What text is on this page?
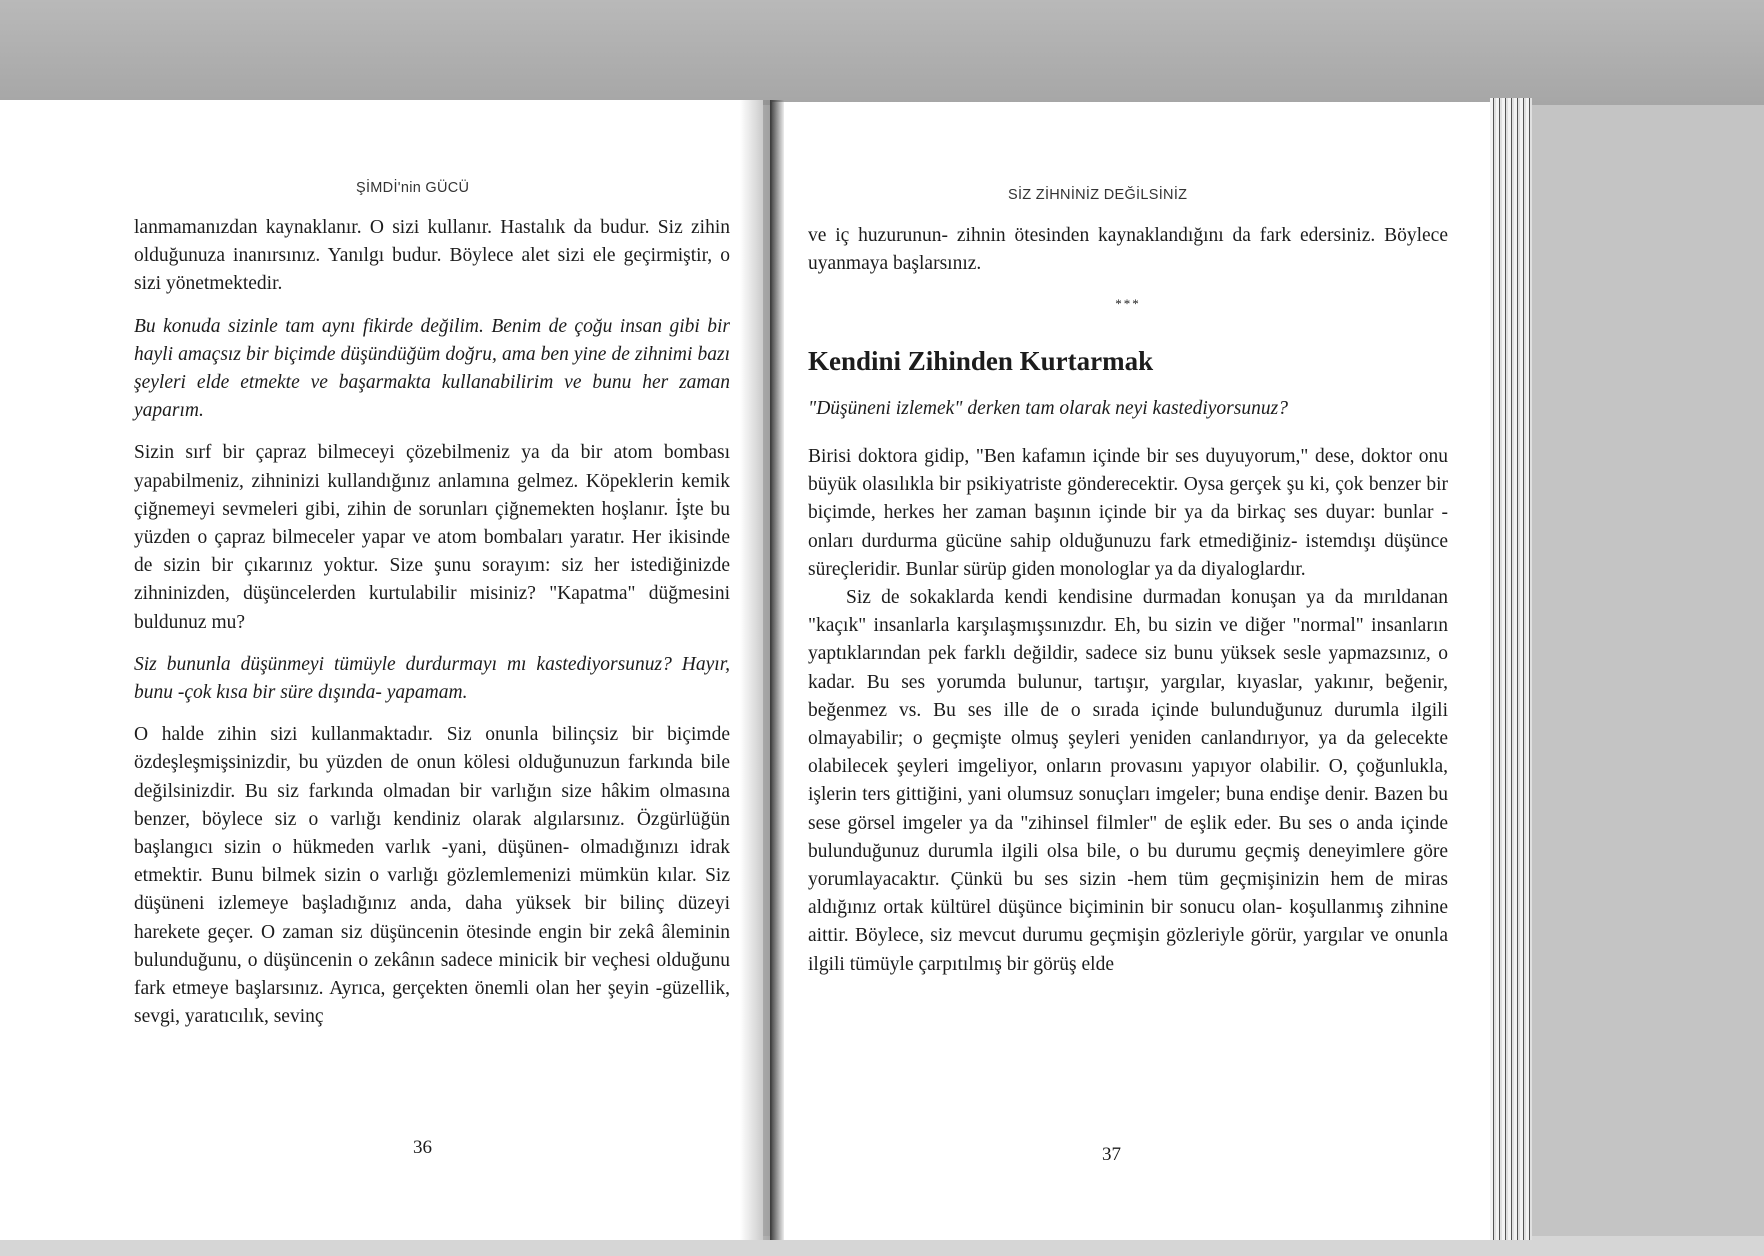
ŞİMDİ'nin GÜCÜ

lanmamanızdan kaynaklanır. O sizi kullanır. Hastalık da budur. Siz zihin olduğunuza inanırsınız. Yanılgı budur. Böylece alet sizi ele geçirmiştir, o sizi yönetmektedir.

Bu konuda sizinle tam aynı fikirde değilim. Benim de çoğu insan gibi bir hayli amaçsız bir biçimde düşündüğüm doğru, ama ben yine de zihnimi bazı şeyleri elde etmekte ve başarmakta kullanabilirim ve bunu her zaman yaparım.

Sizin sırf bir çapraz bilmeceyi çözebilmeniz ya da bir atom bombası yapabilmeniz, zihninizi kullandığınız anlamına gelmez. Köpeklerin kemik çiğnemeyi sevmeleri gibi, zihin de sorunları çiğnemekten hoşlanır. İşte bu yüzden o çapraz bilmeceler yapar ve atom bombaları yaratır. Her ikisinde de sizin bir çıkarınız yoktur. Size şunu sorayım: siz her istediğinizde zihninizden, düşüncelerden kurtulabilir misiniz? "Kapatma" düğmesini buldunuz mu?

Siz bununla düşünmeyi tümüyle durdurmayı mı kastediyorsunuz? Hayır, bunu -çok kısa bir süre dışında- yapamam.

O halde zihin sizi kullanmaktadır. Siz onunla bilinçsiz bir biçimde özdeşleşmişsinizdir, bu yüzden de onun kölesi olduğunuzun farkında bile değilsinizdir. Bu siz farkında olmadan bir varlığın size hâkim olmasına benzer, böylece siz o varlığı kendiniz olarak algılarsınız. Özgürlüğün başlangıcı sizin o hükmeden varlık -yani, düşünen- olmadığınızı idrak etmektir. Bunu bilmek sizin o varlığı gözlemlemenizi mümkün kılar. Siz düşüneni izlemeye başladığınız anda, daha yüksek bir bilinç düzeyi harekete geçer. O zaman siz düşüncenin ötesinde engin bir zekâ âleminin bulunduğunu, o düşüncenin o zekânın sadece minicik bir veçhesi olduğunu fark etmeye başlarsınız. Ayrıca, gerçekten önemli olan her şeyin -güzellik, sevgi, yaratıcılık, sevinç

36
SİZ ZİHNİNİZ DEĞİLSİNİZ

ve iç huzurunun- zihnin ötesinden kaynaklandığını da fark edersiniz. Böylece uyanmaya başlarsınız.

***
Kendini Zihinden Kurtarmak

"Düşüneni izlemek" derken tam olarak neyi kastediyorsunuz?

Birisi doktora gidip, "Ben kafamın içinde bir ses duyuyorum," dese, doktor onu büyük olasılıkla bir psikiyatriste gönderecektir. Oysa gerçek şu ki, çok benzer bir biçimde, herkes her zaman başının içinde bir ya da birkaç ses duyar: bunlar -onları durdurma gücüne sahip olduğunuzu fark etmediğiniz- istemdışı düşünce süreçleridir. Bunlar sürüp giden monologlar ya da diyaloglardır.

Siz de sokaklarda kendi kendisine durmadan konuşan ya da mırıldanan "kaçık" insanlarla karşılaşmışsınızdır. Eh, bu sizin ve diğer "normal" insanların yaptıklarından pek farklı değildir, sadece siz bunu yüksek sesle yapmazsınız, o kadar. Bu ses yorumda bulunur, tartışır, yargılar, kıyaslar, yakınır, beğenir, beğenmez vs. Bu ses ille de o sırada içinde bulunduğunuz durumla ilgili olmayabilir; o geçmişte olmuş şeyleri yeniden canlandırıyor, ya da gelecekte olabilecek şeyleri imgeliyor, onların provasını yapıyor olabilir. O, çoğunlukla, işlerin ters gittiğini, yani olumsuz sonuçları imgeler; buna endişe denir. Bazen bu sese görsel imgeler ya da "zihinsel filmler" de eşlik eder. Bu ses o anda içinde bulunduğunuz durumla ilgili olsa bile, o bu durumu geçmiş deneyimlere göre yorumlayacaktır. Çünkü bu ses sizin -hem tüm geçmişinizin hem de miras aldığınız ortak kültürel düşünce biçiminin bir sonucu olan- koşullanmış zihnine aittir. Böylece, siz mevcut durumu geçmişin gözleriyle görür, yargılar ve onunla ilgili tümüyle çarpıtılmış bir görüş elde

37
